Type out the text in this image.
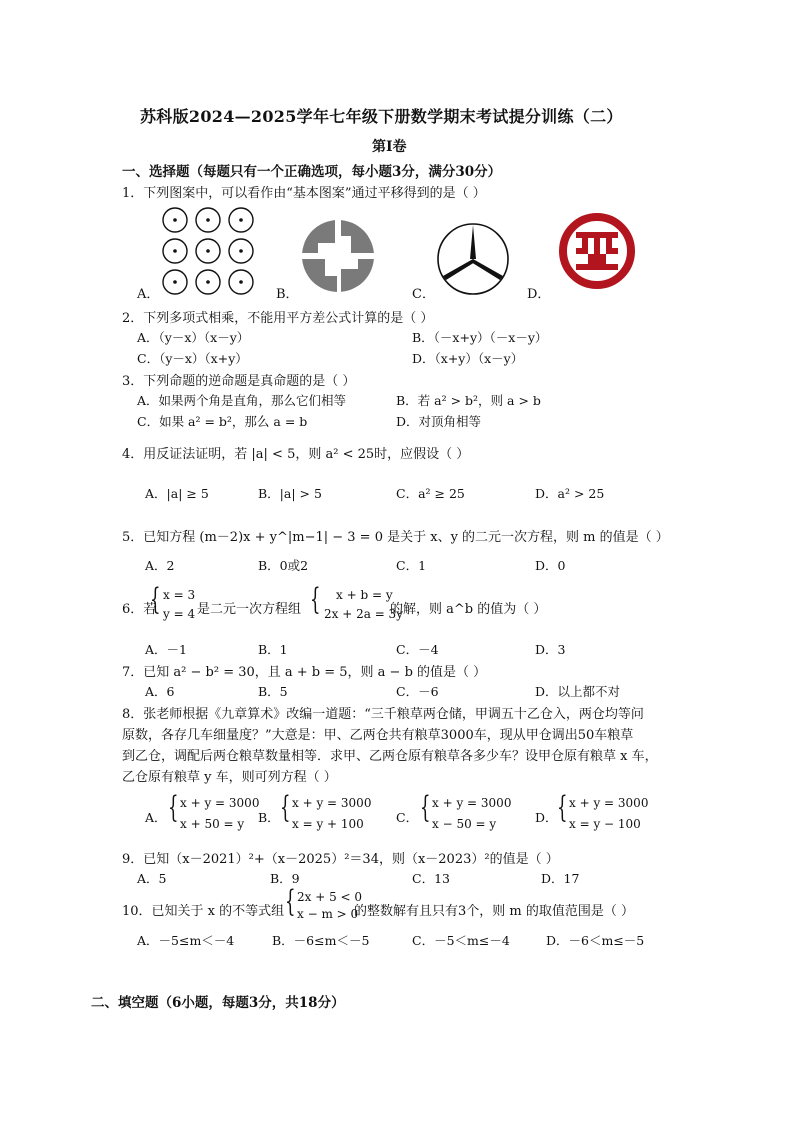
苏科版2024—2025学年七年级下册数学期末考试提分训练（二）
第Ⅰ卷
一、选择题（每题只有一个正确选项，每小题3分，满分30分）
1．下列图案中，可以看作由“基本图案”通过平移得到的是（ ）
A．	B．	C．	D．
2．下列多项式相乘，不能用平方差公式计算的是（ ）
A．（y－x）（x－y）	B．（－x+y）（－x－y）
C．（y－x）（x+y）	D．（x+y）（x－y）
3．下列命题的逆命题是真命题的是（ ）
A．如果两个角是直角，那么它们相等	B．若 a² > b²，则 a > b
C．如果 a² = b²，那么 a = b	D．对顶角相等
4．用反证法证明，若 |a| < 5，则 a² < 25时，应假设（ ）
A．|a| ≥ 5	B．|a| > 5	C．a² ≥ 25	D．a² > 25
5．已知方程 (m－2)x + y^|m−1| − 3 = 0 是关于 x、y 的二元一次方程，则 m 的值是（ ）
A．2	B．0或2	C．1	D．0
6．若
{ x = 3
y = 4 是二元一次方程组 {	x + b = y
2x + 2a = 3y
的解，则 a^b 的值为（ ）
A．－1	B．1	C．－4	D．3
7．已知 a² − b² = 30，且 a + b = 5，则 a − b 的值是（ ）
A．6	B．5	C．－6	D．以上都不对
8．张老师根据《九章算术》改编一道题：“三千粮草两仓储，甲调五十乙仓入，两仓均等问
原数，各存几车细量度？”大意是：甲、乙两仓共有粮草3000车，现从甲仓调出50车粮草
到乙仓，调配后两仓粮草数量相等．求甲、乙两仓原有粮草各多少车？设甲仓原有粮草 x 车，
乙仓原有粮草 y 车，则可列方程（ ）
A． { x + y = 3000
x + 50 = y B． { x + y = 3000
x = y + 100	C． { x + y = 3000
x − 50 = y	D． { x + y = 3000
x = y − 100
9．已知（x－2021）²+（x－2025）²＝34，则（x－2023）²的值是（ ）
A．5	B．9	C．13	D．17
10．已知关于 x 的不等式组 { 2x + 5 < 0
x − m > 0
的整数解有且只有3个，则 m 的取值范围是（ ）
A．－5≤m＜－4	B．－6≤m＜－5	C．－5＜m≤－4	D．－6＜m≤－5
二、填空题（6小题，每题3分，共18分）
